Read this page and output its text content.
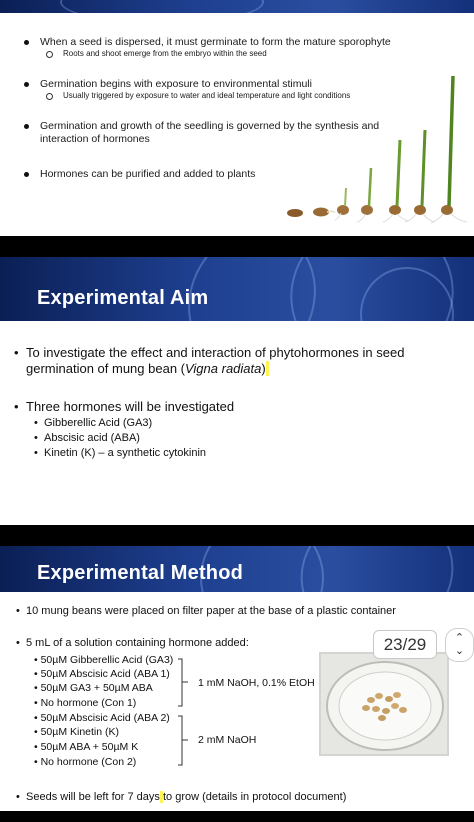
When a seed is dispersed, it must germinate to form the mature sporophyte
Roots and shoot emerge from the embryo within the seed
Germination begins with exposure to environmental stimuli
Usually triggered by exposure to water and ideal temperature and light conditions
Germination and growth of the seedling is governed by the synthesis and
interaction of hormones
Hormones can be purified and added to plants
Experimental Aim
• To investigate the effect and interaction of phytohormones in seed
germination of mung bean (Vigna radiata)
• Three hormones will be investigated
• Gibberellic Acid (GA3)
• Abscisic acid (ABA)
• Kinetin (K) – a synthetic cytokinin
Experimental Method
• 10 mung beans were placed on filter paper at the base of a plastic container
• 5 mL of a solution containing hormone added:
• 50µM Gibberellic Acid (GA3)
• 50µM Abscisic Acid (ABA 1)
• 50µM GA3 + 50µM ABA
• No hormone (Con 1)
1 mM NaOH, 0.1% EtOH
• 50µM Abscisic Acid (ABA 2)
• 50µM Kinetin (K)
• 50µM ABA + 50µM K
• No hormone (Con 2)
2 mM NaOH
• Seeds will be left for 7 days to grow (details in protocol document)
23/29	⌃
⌄
